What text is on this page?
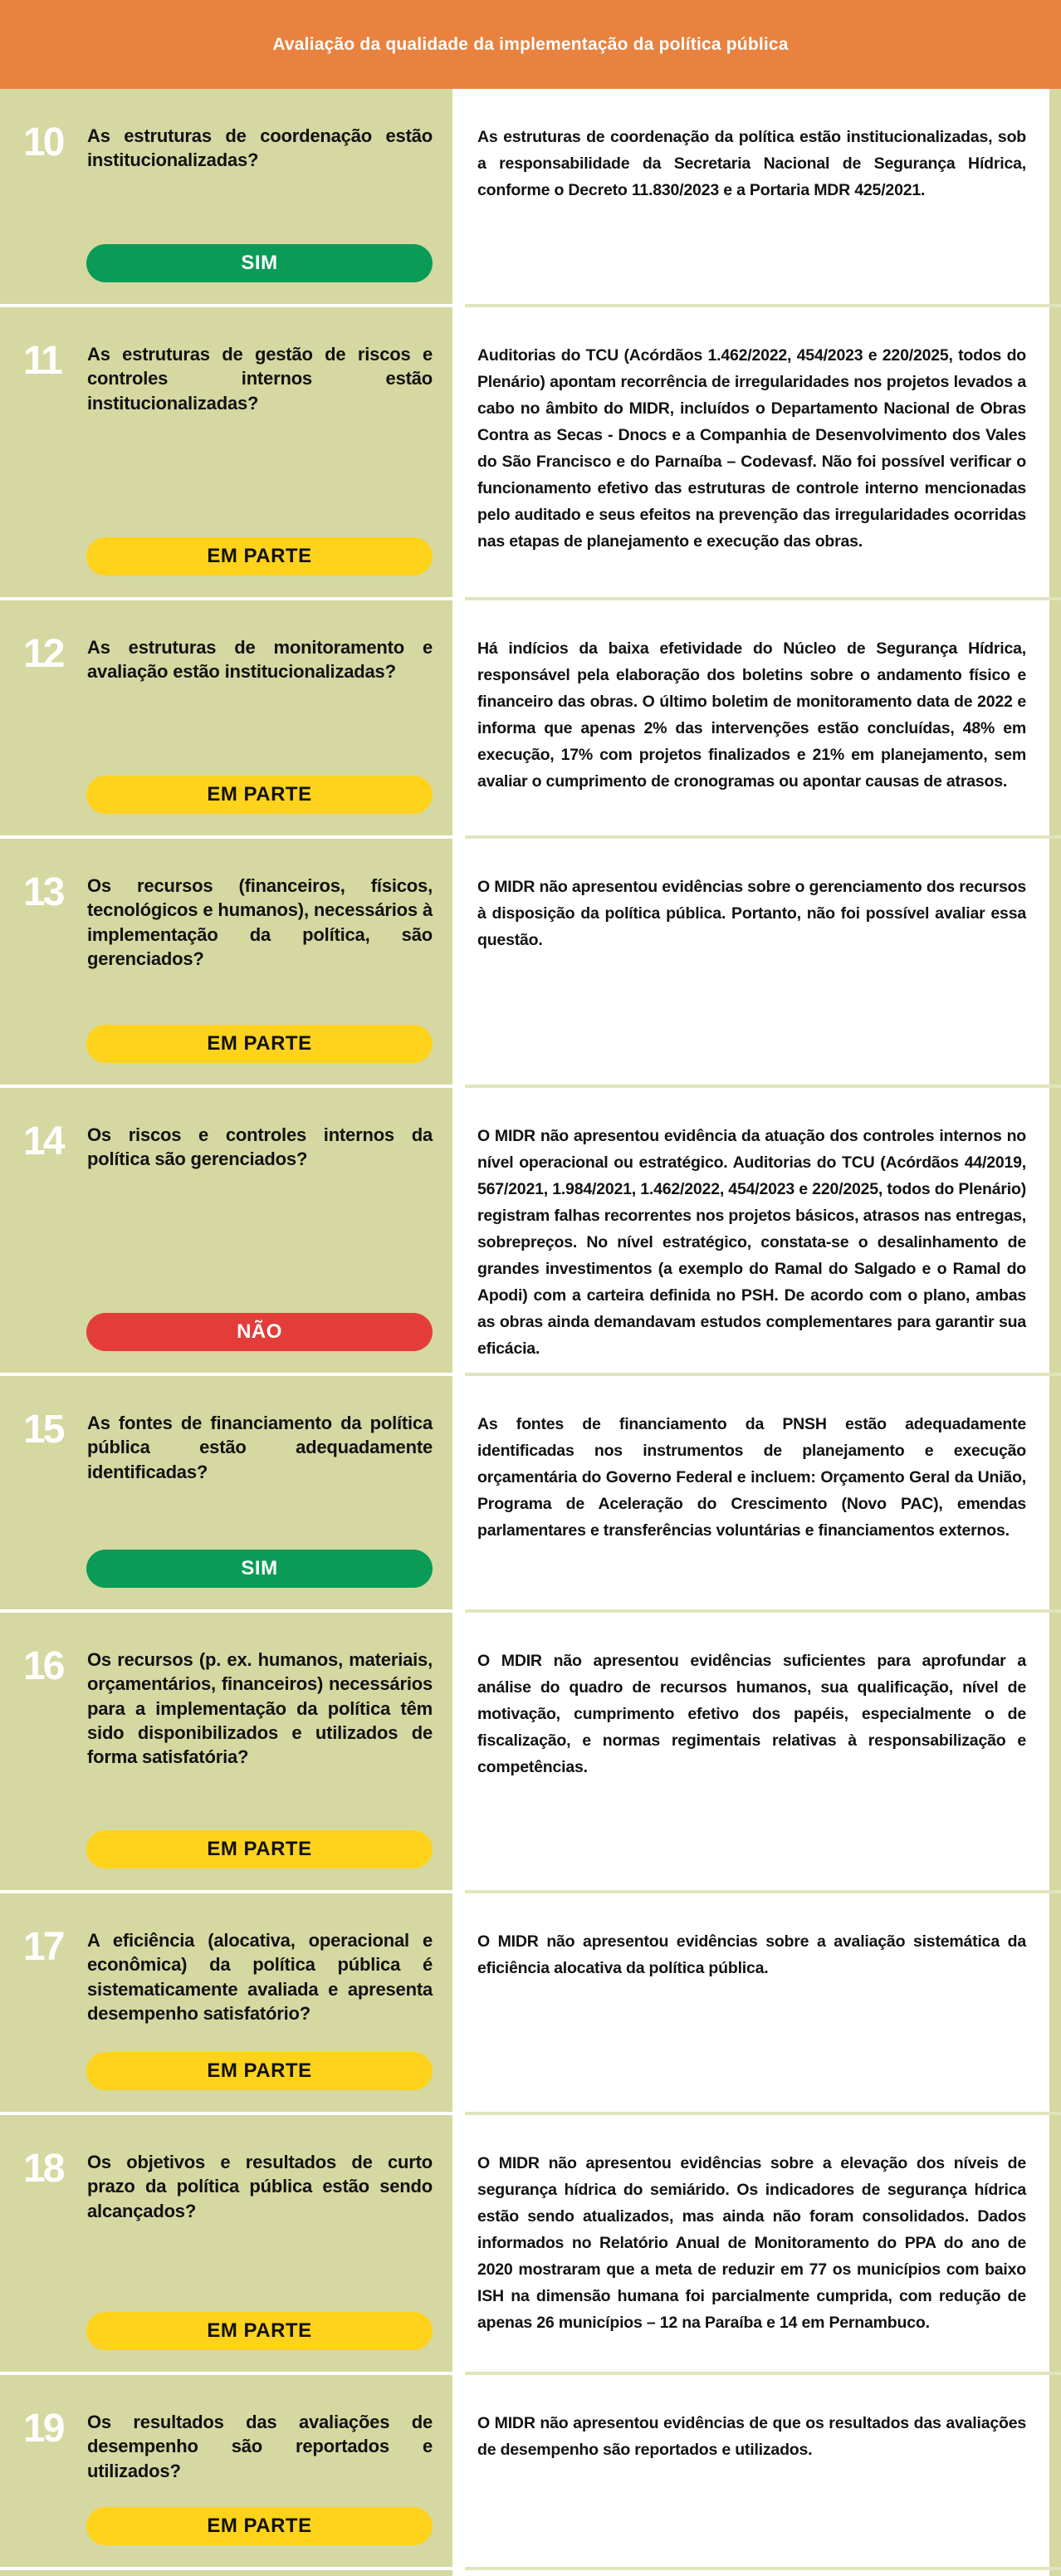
Avaliação da qualidade da implementação da política pública
10	As estruturas de coordenação estão institucionalizadas?
SIM
As estruturas de coordenação da política estão institucionalizadas, sob a responsabilidade da Secretaria Nacional de Segurança Hídrica, conforme o Decreto 11.830/2023 e a Portaria MDR 425/2021.
11	As estruturas de gestão de riscos e controles internos estão institucionalizadas?
EM PARTE
Auditorias do TCU (Acórdãos 1.462/2022, 454/2023 e 220/2025, todos do Plenário) apontam recorrência de irregularidades nos projetos levados a cabo no âmbito do MIDR, incluídos o Departamento Nacional de Obras Contra as Secas - Dnocs e a Companhia de Desenvolvimento dos Vales do São Francisco e do Parnaíba – Codevasf. Não foi possível verificar o funcionamento efetivo das estruturas de controle interno mencionadas pelo auditado e seus efeitos na prevenção das irregularidades ocorridas nas etapas de planejamento e execução das obras.
12	As estruturas de monitoramento e avaliação estão institucionalizadas?
EM PARTE
Há indícios da baixa efetividade do Núcleo de Segurança Hídrica, responsável pela elaboração dos boletins sobre o andamento físico e financeiro das obras. O último boletim de monitoramento data de 2022 e informa que apenas 2% das intervenções estão concluídas, 48% em execução, 17% com projetos finalizados e 21% em planejamento, sem avaliar o cumprimento de cronogramas ou apontar causas de atrasos.
13	Os recursos (financeiros, físicos, tecnológicos e humanos), necessários à implementação da política, são gerenciados?
EM PARTE
O MIDR não apresentou evidências sobre o gerenciamento dos recursos à disposição da política pública. Portanto, não foi possível avaliar essa questão.
14	Os riscos e controles internos da política são gerenciados?
NÃO
O MIDR não apresentou evidência da atuação dos controles internos no nível operacional ou estratégico. Auditorias do TCU (Acórdãos 44/2019, 567/2021, 1.984/2021, 1.462/2022, 454/2023 e 220/2025, todos do Plenário) registram falhas recorrentes nos projetos básicos, atrasos nas entregas, sobrepreços. No nível estratégico, constata-se o desalinhamento de grandes investimentos (a exemplo do Ramal do Salgado e o Ramal do Apodi) com a carteira definida no PSH. De acordo com o plano, ambas as obras ainda demandavam estudos complementares para garantir sua eficácia.
15	As fontes de financiamento da política pública estão adequadamente identificadas?
SIM
As fontes de financiamento da PNSH estão adequadamente identificadas nos instrumentos de planejamento e execução orçamentária do Governo Federal e incluem: Orçamento Geral da União, Programa de Aceleração do Crescimento (Novo PAC), emendas parlamentares e transferências voluntárias e financiamentos externos.
16	Os recursos (p. ex. humanos, materiais, orçamentários, financeiros) necessários para a implementação da política têm sido disponibilizados e utilizados de forma satisfatória?
EM PARTE
O MDIR não apresentou evidências suficientes para aprofundar a análise do quadro de recursos humanos, sua qualificação, nível de motivação, cumprimento efetivo dos papéis, especialmente o de fiscalização, e normas regimentais relativas à responsabilização e competências.
17	A eficiência (alocativa, operacional e econômica) da política pública é sistematicamente avaliada e apresenta desempenho satisfatório?
EM PARTE
O MIDR não apresentou evidências sobre a avaliação sistemática da eficiência alocativa da política pública.
18	Os objetivos e resultados de curto prazo da política pública estão sendo alcançados?
EM PARTE
O MIDR não apresentou evidências sobre a elevação dos níveis de segurança hídrica do semiárido. Os indicadores de segurança hídrica estão sendo atualizados, mas ainda não foram consolidados. Dados informados no Relatório Anual de Monitoramento do PPA do ano de 2020 mostraram que a meta de reduzir em 77 os municípios com baixo ISH na dimensão humana foi parcialmente cumprida, com redução de apenas 26 municípios – 12 na Paraíba e 14 em Pernambuco.
19	Os resultados das avaliações de desempenho são reportados e utilizados?
EM PARTE
O MIDR não apresentou evidências de que os resultados das avaliações de desempenho são reportados e utilizados.
